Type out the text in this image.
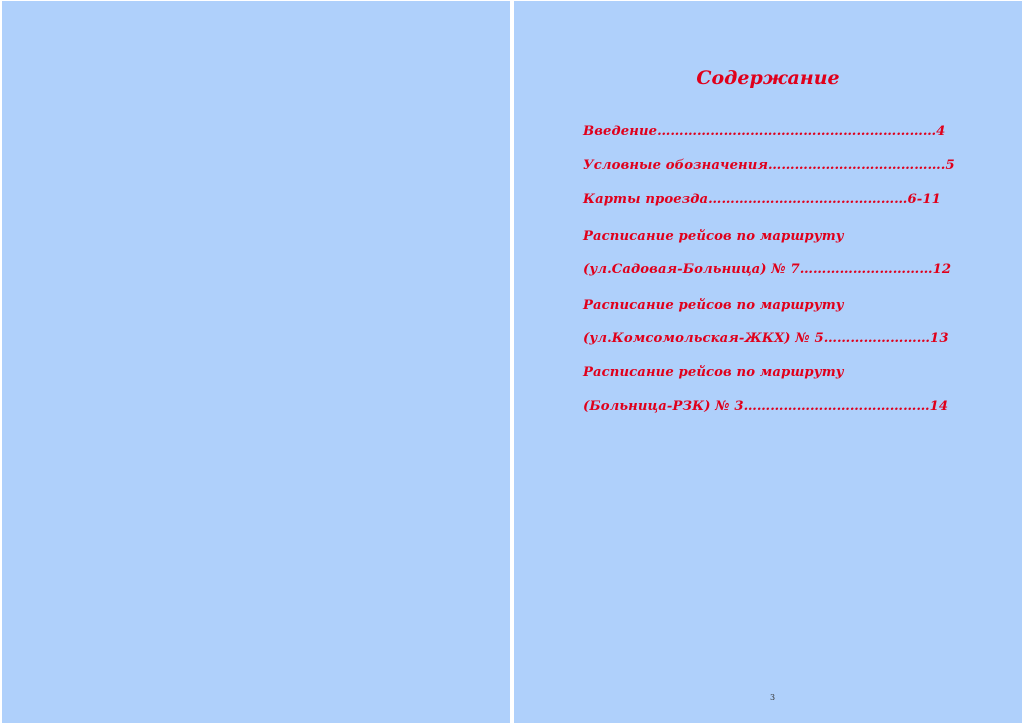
Содержание
Введение………………………………………………………4
Условные обозначения………………………………….5
Карты проезда………………………………………6-11
Расписание рейсов по маршруту
(ул.Садовая-Больница) № 7…………………………12
Расписание рейсов по маршруту
(ул.Комсомольская-ЖКХ) № 5……………………13
Расписание рейсов по маршруту
(Больница-РЗК) № 3……………………………………14
3
